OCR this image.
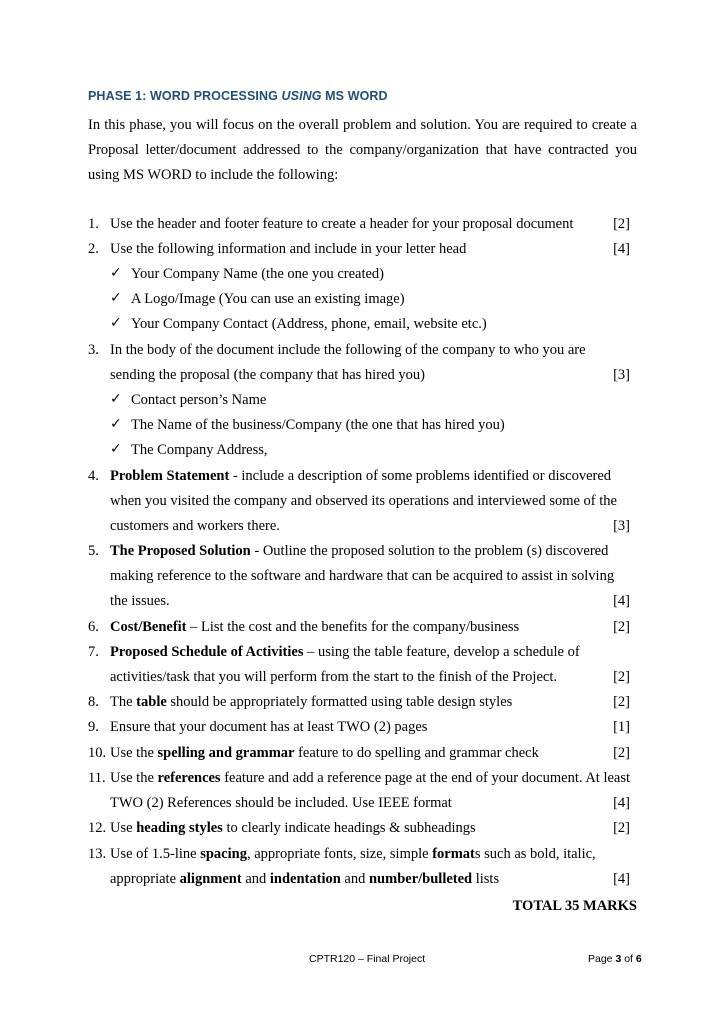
PHASE 1: WORD PROCESSING USING MS WORD
In this phase, you will focus on the overall problem and solution. You are required to create a Proposal letter/document addressed to the company/organization that have contracted you using MS WORD to include the following:
1. Use the header and footer feature to create a header for your proposal document	[2]
2. Use the following information and include in your letter head	[4]
✓ Your Company Name (the one you created)
✓ A Logo/Image (You can use an existing image)
✓ Your Company Contact (Address, phone, email, website etc.)
3. In the body of the document include the following of the company to who you are
sending the proposal (the company that has hired you)	[3]
✓ Contact person’s Name
✓ The Name of the business/Company (the one that has hired you)
✓ The Company Address,
4. Problem Statement - include a description of some problems identified or discovered
when you visited the company and observed its operations and interviewed some of the
customers and workers there.	[3]
5. The Proposed Solution - Outline the proposed solution to the problem (s) discovered
making reference to the software and hardware that can be acquired to assist in solving
the issues.	[4]
6. Cost/Benefit – List the cost and the benefits for the company/business	[2]
7. Proposed Schedule of Activities – using the table feature, develop a schedule of
activities/task that you will perform from the start to the finish of the Project.	[2]
8. The table should be appropriately formatted using table design styles	[2]
9. Ensure that your document has at least TWO (2) pages	[1]
10. Use the spelling and grammar feature to do spelling and grammar check	[2]
11. Use the references feature and add a reference page at the end of your document. At least
TWO (2) References should be included. Use IEEE format	[4]
12. Use heading styles to clearly indicate headings & subheadings	[2]
13. Use of 1.5-line spacing, appropriate fonts, size, simple formats such as bold, italic,
appropriate alignment and indentation and number/bulleted lists	[4]
TOTAL 35 MARKS
CPTR120 – Final Project	Page 3 of 6
